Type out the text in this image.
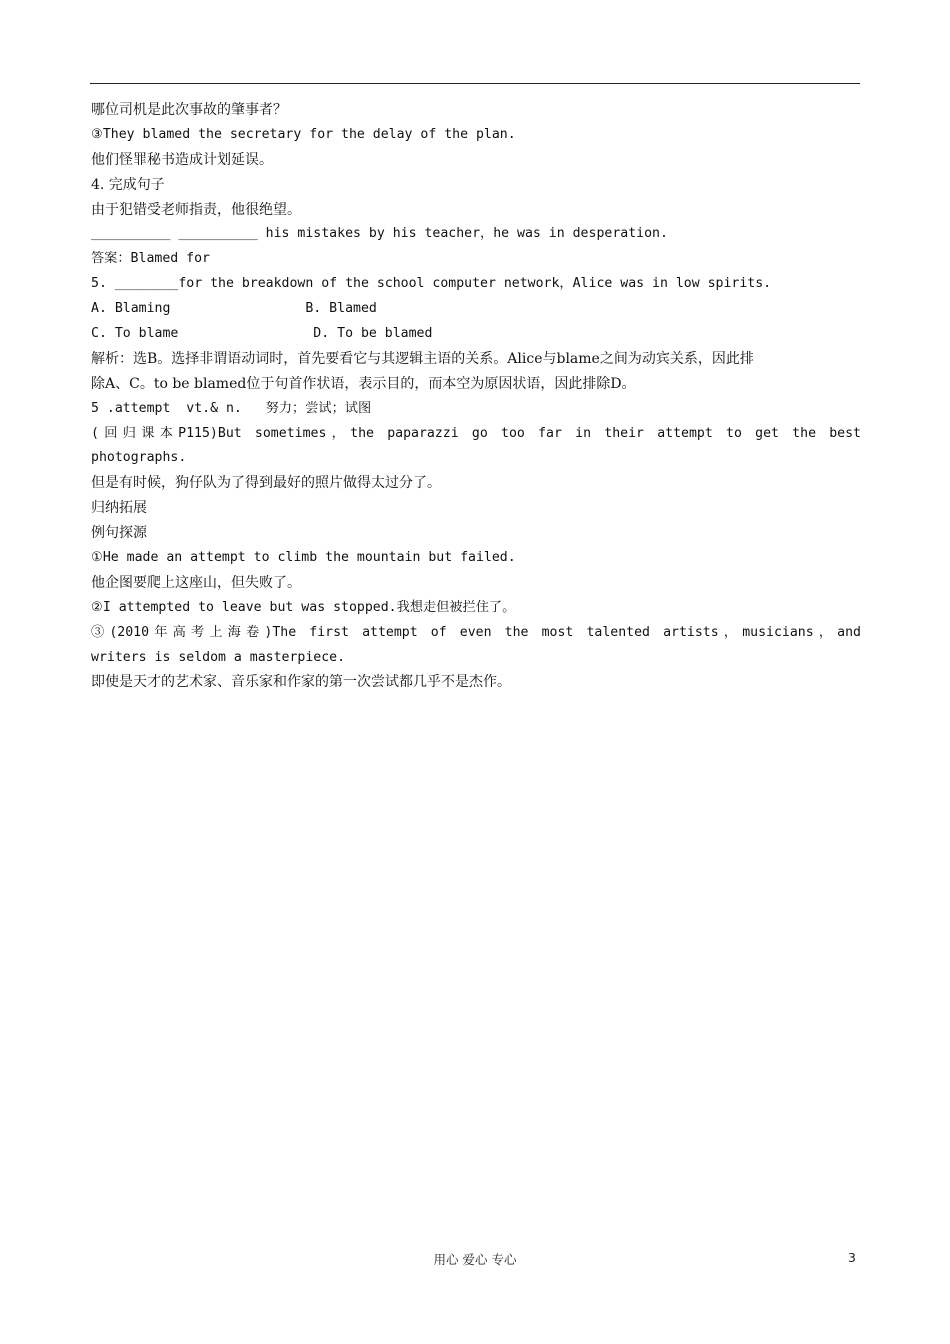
哪位司机是此次事故的肇事者？
③They blamed the secretary for the delay of the plan.
他们怪罪秘书造成计划延误。
4. 完成句子
由于犯错受老师指责，他很绝望。
__________ __________ his mistakes by his teacher，he was in desperation.
答案：Blamed for
5. ________for the breakdown of the school computer network，Alice was in low spirits.
A. Blaming                 B. Blamed
C. To blame                 D. To be blamed
解析：选B。选择非谓语动词时，首先要看它与其逻辑主语的关系。Alice与blame之间为动宾关系，因此排
除A、C。to be blamed位于句首作状语，表示目的，而本空为原因状语，因此排除D。
5 .attempt  vt.& n.   努力；尝试；试图
(回归课本P115)But sometimes，the paparazzi go too far in their attempt to get the best
photographs.
但是有时候，狗仔队为了得到最好的照片做得太过分了。
归纳拓展
例句探源
①He made an attempt to climb the mountain but failed.
他企图要爬上这座山，但失败了。
②I attempted to leave but was stopped.我想走但被拦住了。
③(2010年高考上海卷)The first attempt of even the most talented artists，musicians，and
writers is seldom a masterpiece.
即使是天才的艺术家、音乐家和作家的第一次尝试都几乎不是杰作。
用心 爱心 专心	3
